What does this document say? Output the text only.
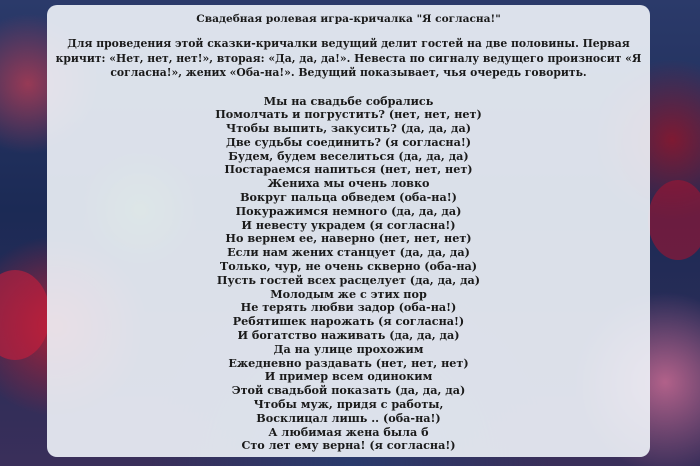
Свадебная ролевая игра-кричалка "Я согласна!"
Для проведения этой сказки-кричалки ведущий делит гостей на две половины. Первая кричит: «Нет, нет, нет!», вторая: «Да, да, да!». Невеста по сигналу ведущего произносит «Я согласна!», жених «Оба-на!». Ведущий показывает, чья очередь говорить.
Мы на свадьбе собрались
Помолчать и погрустить? (нет, нет, нет)
Чтобы выпить, закусить? (да, да, да)
Две судьбы соединить? (я согласна!)
Будем, будем веселиться (да, да, да)
Постараемся напиться (нет, нет, нет)
Жениха мы очень ловко
Вокруг пальца обведем (оба-на!)
Покуражимся немного (да, да, да)
И невесту украдем (я согласна!)
Но вернем ее, наверно (нет, нет, нет)
Если нам жених станцует (да, да, да)
Только, чур, не очень скверно (оба-на)
Пусть гостей всех расцелует (да, да, да)
Молодым же с этих пор
Не терять любви задор (оба-на!)
Ребятишек нарожать (я согласна!)
И богатство наживать (да, да, да)
Да на улице прохожим
Ежедневно раздавать (нет, нет, нет)
И пример всем одиноким
Этой свадьбой показать (да, да, да)
Чтобы муж, придя с работы,
Восклицал лишь .. (оба-на!)
А любимая жена была б
Сто лет ему верна! (я согласна!)
